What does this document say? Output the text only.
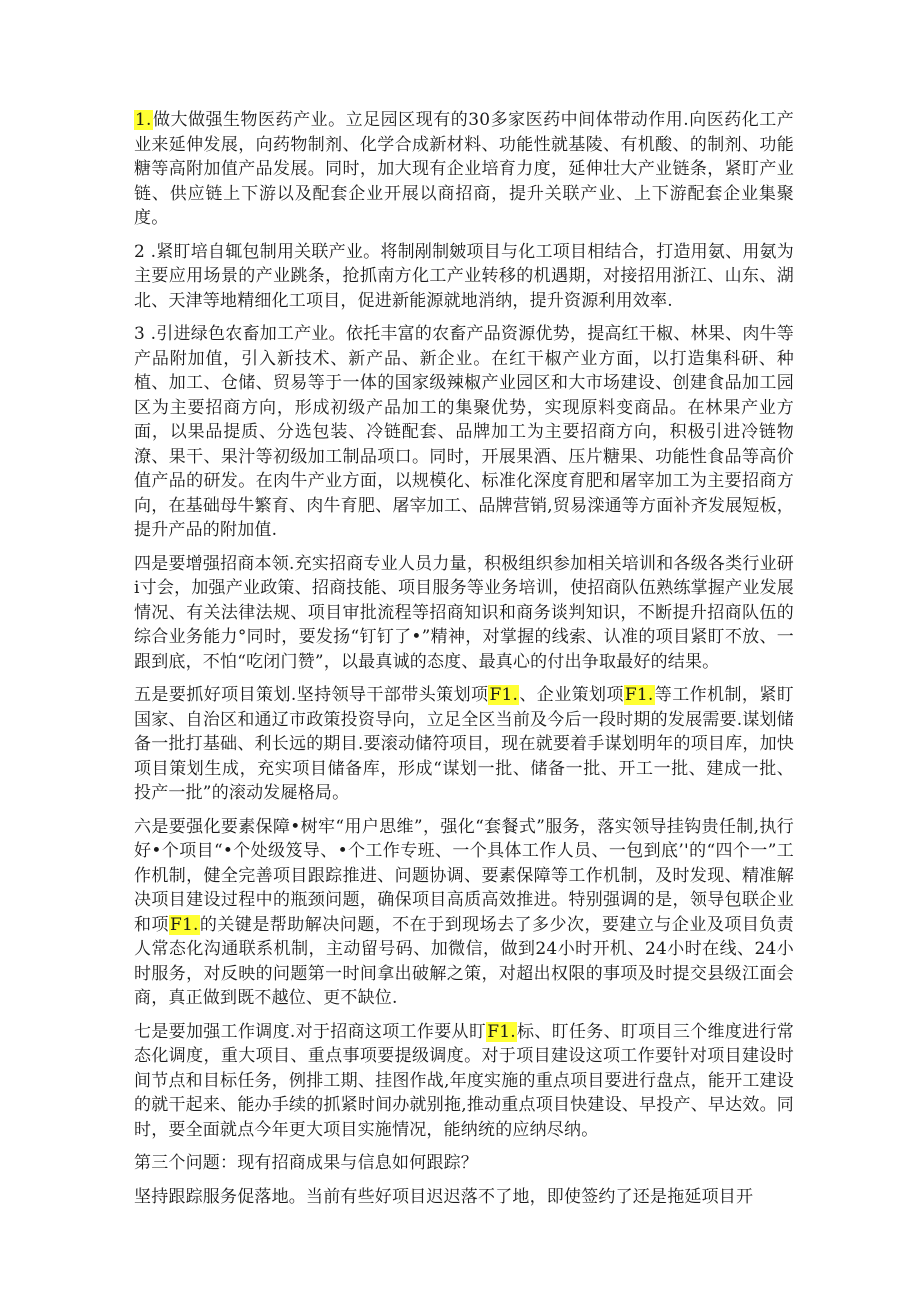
1.做大做强生物医药产业。立足园区现有的30多家医药中间体带动作用.向医药化工产业来延伸发展，向药物制剂、化学合成新材料、功能性就基陵、有机酸、的制剂、功能糖等高附加值产品发展。同时，加大现有企业培育力度，延伸壮大产业链条，紧盯产业链、供应链上下游以及配套企业开展以商招商，提升关联产业、上下游配套企业集聚度。

2 .紧盯培自辄包制用关联产业。将制剐制皴项目与化工项目相结合，打造用氨、用氨为主要应用场景的产业跳条，抢抓南方化工产业转移的机遇期，对接招用浙江、山东、湖北、天津等地精细化工项目，促进新能源就地消纳，提升资源利用效率.

3 .引进绿色农畜加工产业。依托丰富的农畜产品资源优势，提高红干椒、林果、肉牛等产品附加值，引入新技术、新产品、新企业。在红干椒产业方面，以打造集科研、种植、加工、仓储、贸易等于一体的国家级辣椒产业园区和大市场建设、创建食品加工园区为主要招商方向，形成初级产品加工的集聚优势，实现原料变商品。在林果产业方面，以果品提质、分选包装、冷链配套、品牌加工为主要招商方向，积极引进冷链物潦、果干、果汁等初级加工制品项口。同时，开展果酒、压片糖果、功能性食品等高价值产品的研发。在肉牛产业方面，以规模化、标准化深度育肥和屠宰加工为主要招商方向，在基础母牛繁育、肉牛育肥、屠宰加工、品牌营销,贸易滦通等方面补齐发展短板，提升产品的附加值.

四是要增强招商本领.充实招商专业人员力量，积极组织参加相关培训和各级各类行业研i寸会，加强产业政策、招商技能、项目服务等业务培训，使招商队伍熟练掌握产业发展情况、有关法律法规、项目审批流程等招商知识和商务谈判知识，不断提升招商队伍的综合业务能力°同时，要发扬“钉钉了•”精神，对掌握的线索、认准的项目紧盯不放、一跟到底，不怕“吃闭门赞”，以最真诚的态度、最真心的付出争取最好的结果。

五是要抓好项目策划.坚持领导干部带头策划项F1.、企业策划项F1.等工作机制，紧盯国家、自治区和通辽市政策投资导向，立足全区当前及今后一段时期的发展需要.谋划储备一批打基础、利长远的期目.要滚动储符项目，现在就要着手谋划明年的项目库，加快项目策划生成，充实项目储备库，形成“谋划一批、储备一批、开工一批、建成一批、投产一批”的滚动发屣格局。

六是要强化要素保障•树牢“用户思维”，强化“套餐式”服务，落实领导挂钩贵任制,执行好•个项目“•个处级笈导、•个工作专班、一个具体工作人员、一包到底’'的“四个一”工作机制，健全完善项目跟踪推进、问题协调、要素保障等工作机制，及时发现、精准解决项目建设过程中的瓶颈问题，确保项目高质高效推进。特别强调的是，领导包联企业和项F1.的关键是帮助解决问题，不在于到现场去了多少次，要建立与企业及项目负责人常态化沟通联系机制，主动留号码、加微信，做到24小时开机、24小时在线、24小时服务，对反映的问题第一时间拿出破解之策，对超出权限的事项及时提交县级江面会商，真正做到既不越位、更不缺位.

七是要加强工作调度.对于招商这项工作要从盯F1.标、盯任务、盯项目三个维度进行常态化调度，重大项目、重点事项要提级调度。对于项目建设这项工作要针对项目建设时间节点和目标任务，例排工期、挂图作战,年度实施的重点项目要进行盘点，能开工建设的就干起来、能办手续的抓紧时间办就别拖,推动重点项目快建设、早投产、早达效。同时，要全面就点今年更大项目实施情况，能纳统的应纳尽纳。

第三个问题：现有招商成果与信息如何跟踪？

坚持跟踪服务促落地。当前有些好项目迟迟落不了地，即使签约了还是拖延项目开
